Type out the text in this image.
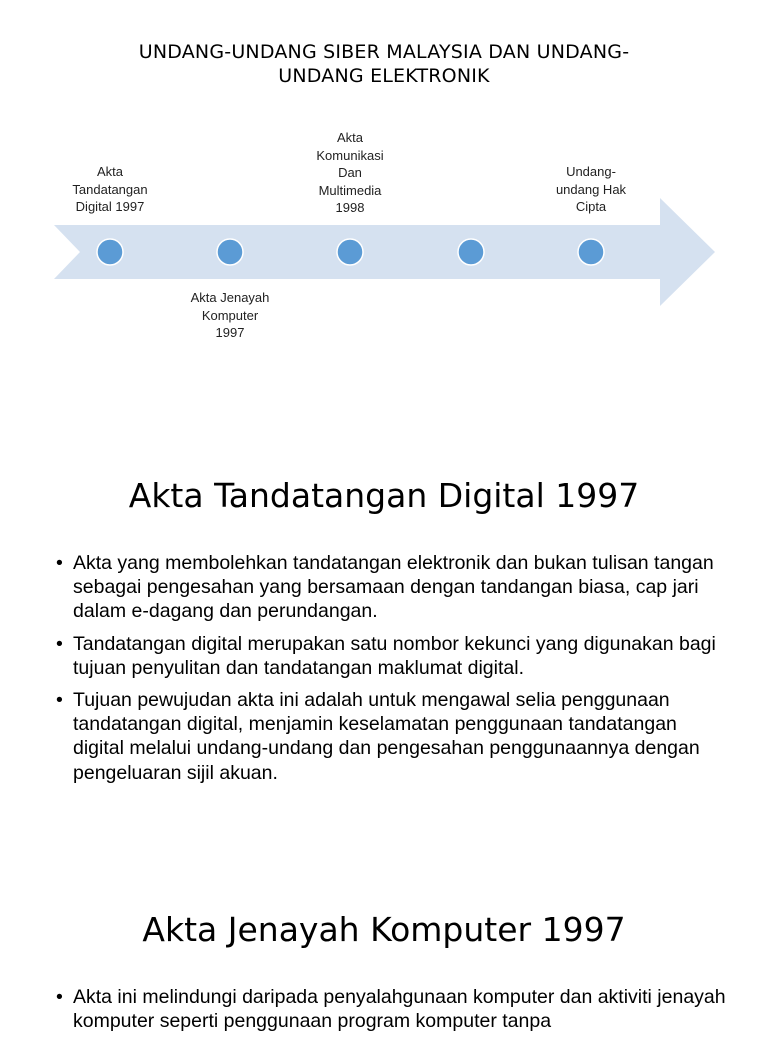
UNDANG-UNDANG SIBER MALAYSIA DAN UNDANG-
UNDANG ELEKTRONIK
Akta
Tandatangan
Digital 1997
Akta
Komunikasi
Dan
Multimedia
1998
Undang-
undang Hak
Cipta
Akta Jenayah
Komputer
1997
Akta Tandatangan Digital 1997
• Akta yang membolehkan tandatangan elektronik dan bukan tulisan tangan sebagai pengesahan yang bersamaan dengan tandangan biasa, cap jari dalam e-dagang dan perundangan.
• Tandatangan digital merupakan satu nombor kekunci yang digunakan bagi tujuan penyulitan dan tandatangan maklumat digital.
• Tujuan pewujudan akta ini adalah untuk mengawal selia penggunaan tandatangan digital, menjamin keselamatan penggunaan tandatangan digital melalui undang-undang dan pengesahan penggunaannya dengan pengeluaran sijil akuan.
Akta Jenayah Komputer 1997
• Akta ini melindungi daripada penyalahgunaan komputer dan aktiviti jenayah komputer seperti penggunaan program komputer tanpa
